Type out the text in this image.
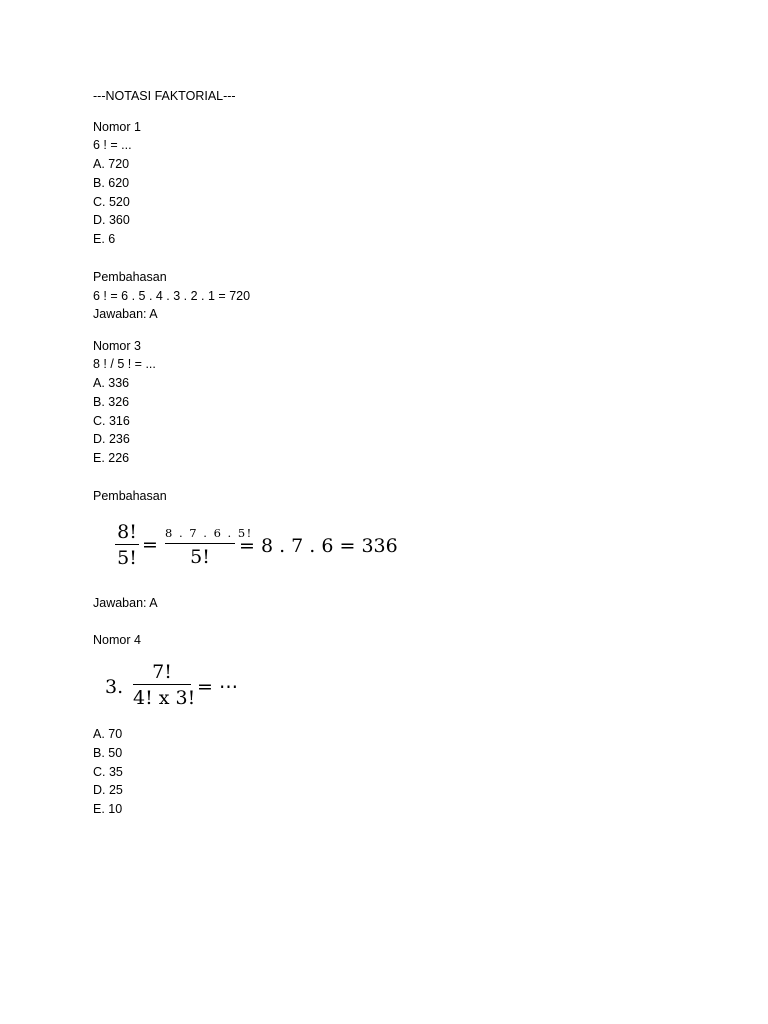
---NOTASI FAKTORIAL---
Nomor 1
6 ! = ...
A. 720
B. 620
C. 520
D. 360
E. 6
Pembahasan
6 ! = 6 . 5 . 4 . 3 . 2 . 1 = 720
Jawaban: A
Nomor 3
8 ! / 5 ! = ...
A. 336
B. 326
C. 316
D. 236
E. 226
Pembahasan
8!
5!
=
8 . 7 . 6 . 5!
5!	= 8 . 7 . 6 = 336
Jawaban: A
Nomor 4
3.
7!
4! x 3! = ⋯
A. 70
B. 50
C. 35
D. 25
E. 10
